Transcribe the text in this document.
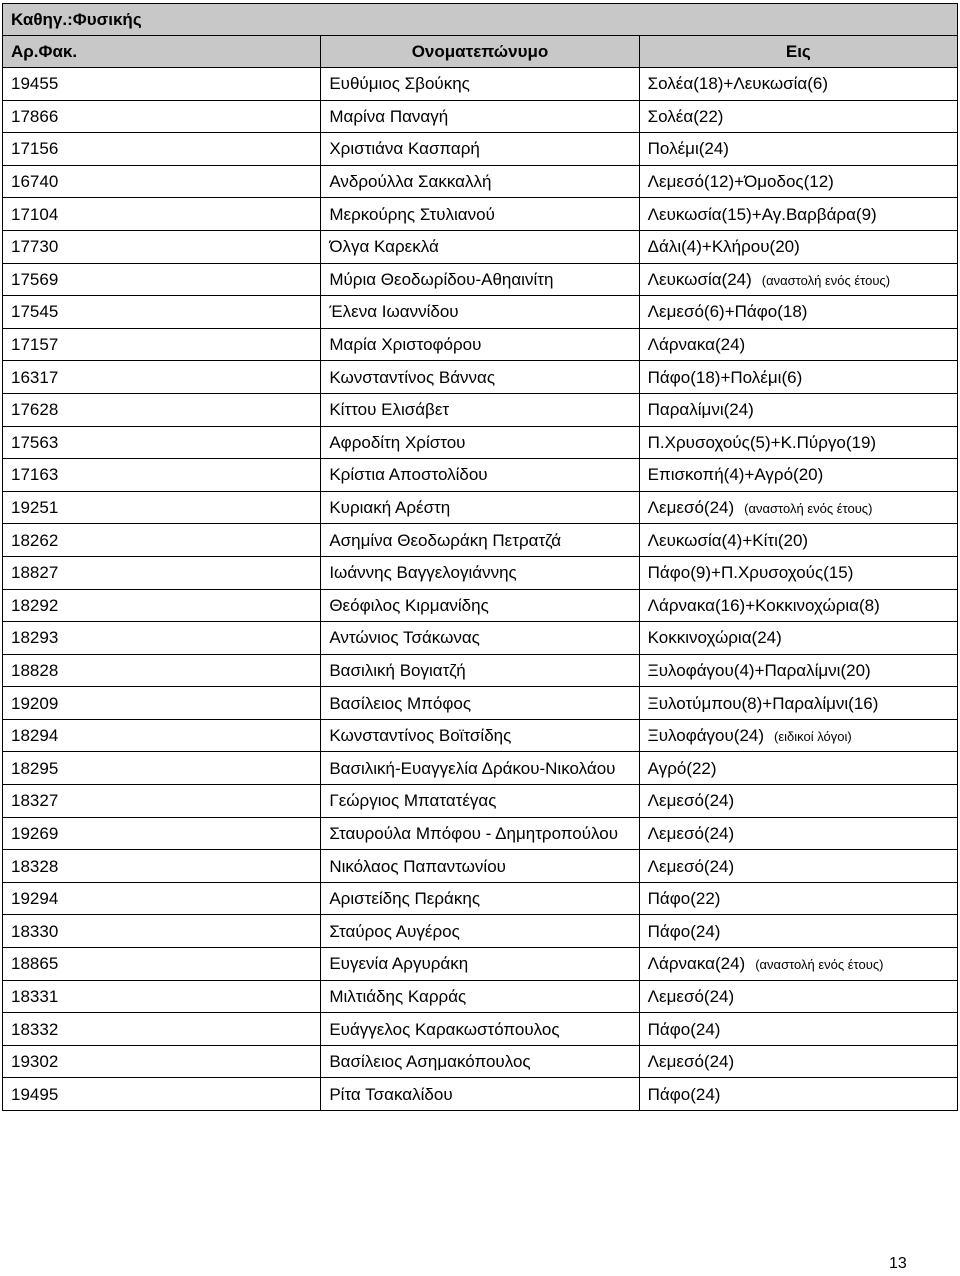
Καθηγ.:Φυσικής		
Αρ.Φακ.	Ονοματεπώνυμο	Εις
19455	Ευθύμιος Σβούκης	Σολέα(18)+Λευκωσία(6)
17866	Μαρίνα Παναγή	Σολέα(22)
17156	Χριστιάνα Κασπαρή	Πολέμι(24)
16740	Ανδρούλλα Σακκαλλή	Λεμεσό(12)+Όμοδος(12)
17104	Μερκούρης Στυλιανού	Λευκωσία(15)+Αγ.Βαρβάρα(9)
17730	Όλγα Καρεκλά	Δάλι(4)+Κλήρου(20)
17569	Μύρια Θεοδωρίδου-Αθηαινίτη	Λευκωσία(24) (αναστολή ενός έτους)
17545	Έλενα Ιωαννίδου	Λεμεσό(6)+Πάφο(18)
17157	Μαρία Χριστοφόρου	Λάρνακα(24)
16317	Κωνσταντίνος Βάννας	Πάφο(18)+Πολέμι(6)
17628	Κίττου Ελισάβετ	Παραλίμνι(24)
17563	Αφροδίτη Χρίστου	Π.Χρυσοχούς(5)+Κ.Πύργο(19)
17163	Κρίστια Αποστολίδου	Επισκοπή(4)+Αγρό(20)
19251	Κυριακή Αρέστη	Λεμεσό(24) (αναστολή ενός έτους)
18262	Ασημίνα Θεοδωράκη Πετρατζά	Λευκωσία(4)+Κίτι(20)
18827	Ιωάννης Βαγγελογιάννης	Πάφο(9)+Π.Χρυσοχούς(15)
18292	Θεόφιλος Κιρμανίδης	Λάρνακα(16)+Κοκκινοχώρια(8)
18293	Αντώνιος Τσάκωνας	Κοκκινοχώρια(24)
18828	Βασιλική Βογιατζή	Ξυλοφάγου(4)+Παραλίμνι(20)
19209	Βασίλειος Μπόφος	Ξυλοτύμπου(8)+Παραλίμνι(16)
18294	Κωνσταντίνος Βοϊτσίδης	Ξυλοφάγου(24) (ειδικοί λόγοι)
18295	Βασιλική-Ευαγγελία Δράκου-Νικολάου	Αγρό(22)
18327	Γεώργιος Μπατατέγας	Λεμεσό(24)
19269	Σταυρούλα Μπόφου - Δημητροπούλου	Λεμεσό(24)
18328	Νικόλαος Παπαντωνίου	Λεμεσό(24)
19294	Αριστείδης Περάκης	Πάφο(22)
18330	Σταύρος Αυγέρος	Πάφο(24)
18865	Ευγενία Αργυράκη	Λάρνακα(24) (αναστολή ενός έτους)
18331	Μιλτιάδης Καρράς	Λεμεσό(24)
18332	Ευάγγελος Καρακωστόπουλος	Πάφο(24)
19302	Βασίλειος Ασημακόπουλος	Λεμεσό(24)
19495	Ρίτα Τσακαλίδου	Πάφο(24)
13
